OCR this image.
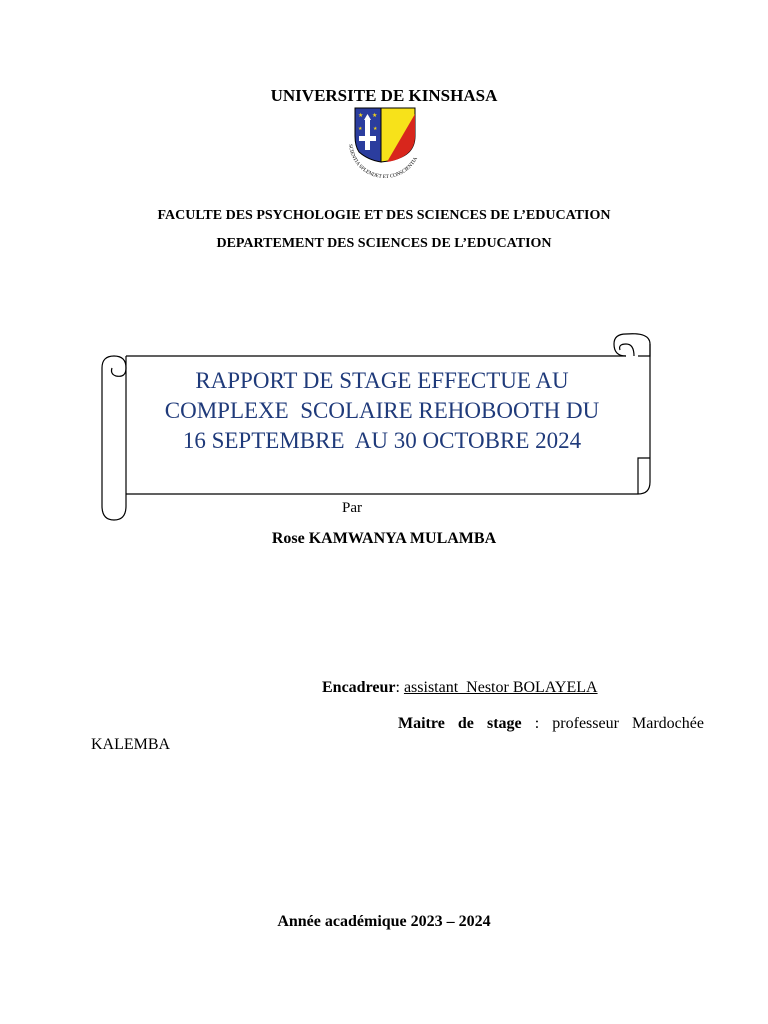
UNIVERSITE DE KINSHASA
★ ★
★ ★
SCIENTIA SPLENDET ET CONSCIENTIA
FACULTE DES PSYCHOLOGIE ET DES SCIENCES DE L’EDUCATION
DEPARTEMENT DES SCIENCES DE L’EDUCATION
RAPPORT DE STAGE EFFECTUE AU
COMPLEXE  SCOLAIRE REHOBOOTH DU
16 SEPTEMBRE  AU 30 OCTOBRE 2024
Par
Rose KAMWANYA MULAMBA
Encadreur: assistant  Nestor BOLAYELA
Maitre de stage : professeur Mardochée
KALEMBA
Année académique 2023 – 2024
